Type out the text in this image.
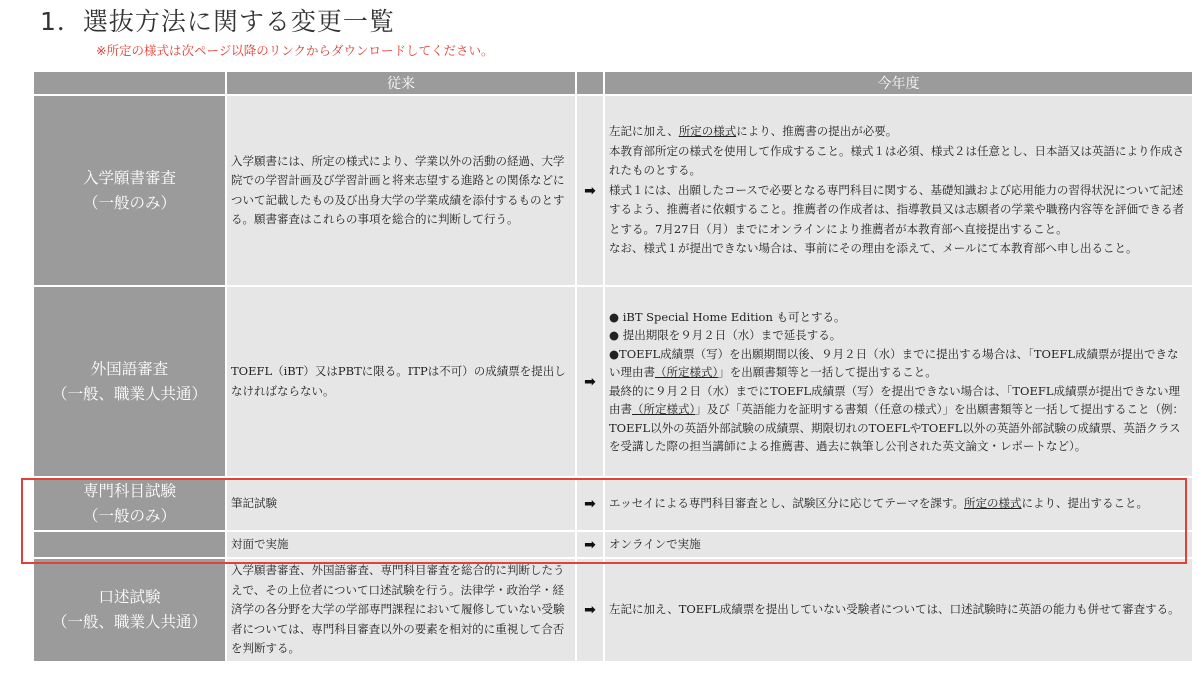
1．選抜方法に関する変更一覧
※所定の様式は次ページ以降のリンクからダウンロードしてください。
	従来		今年度

入学願書審査
（一般のみ）	入学願書には、所定の様式により、学業以外の活動の経過、大学院での学習計画及び学習計画と将来志望する進路との関係などについて記載したもの及び出身大学の学業成績を添付するものとする。願書審査はこれらの事項を総合的に判断して行う。	➡	左記に加え、所定の様式により、推薦書の提出が必要。
本教育部所定の様式を使用して作成すること。様式１は必須、様式２は任意とし、日本語又は英語により作成されたものとする。
様式１には、出願したコースで必要となる専門科目に関する、基礎知識および応用能力の習得状況について記述するよう、推薦者に依頼すること。推薦者の作成者は、指導教員又は志願者の学業や職務内容等を評価できる者とする。7月27日（月）までにオンラインにより推薦者が本教育部へ直接提出すること。
なお、様式１が提出できない場合は、事前にその理由を添えて、メールにて本教育部へ申し出ること。

外国語審査
（一般、職業人共通）	TOEFL（iBT）又はPBTに限る。ITPは不可）の成績票を提出しなければならない。	➡	● iBT Special Home Edition も可とする。
● 提出期限を９月２日（水）まで延長する。
●TOEFL成績票（写）を出願期間以後、９月２日（水）までに提出する場合は、「TOEFL成績票が提出できない理由書（所定様式）」を出願書類等と一括して提出すること。
最終的に９月２日（水）までにTOEFL成績票（写）を提出できない場合は、「TOEFL成績票が提出できない理由書（所定様式）」及び「英語能力を証明する書類（任意の様式）」を出願書類等と一括して提出すること（例：TOEFL以外の英語外部試験の成績票、期限切れのTOEFLやTOEFL以外の英語外部試験の成績票、英語クラスを受講した際の担当講師による推薦書、過去に執筆し公刊された英文論文・レポートなど）。

専門科目試験
（一般のみ）	筆記試験	➡	エッセイによる専門科目審査とし、試験区分に応じてテーマを課す。所定の様式により、提出すること。
	対面で実施	➡	オンラインで実施

口述試験
（一般、職業人共通）	入学願書審査、外国語審査、専門科目審査を総合的に判断したうえで、その上位者について口述試験を行う。法律学・政治学・経済学の各分野を大学の学部専門課程において履修していない受験者については、専門科目審査以外の要素を相対的に重視して合否を判断する。	➡	左記に加え、TOEFL成績票を提出していない受験者については、口述試験時に英語の能力も併せて審査する。
